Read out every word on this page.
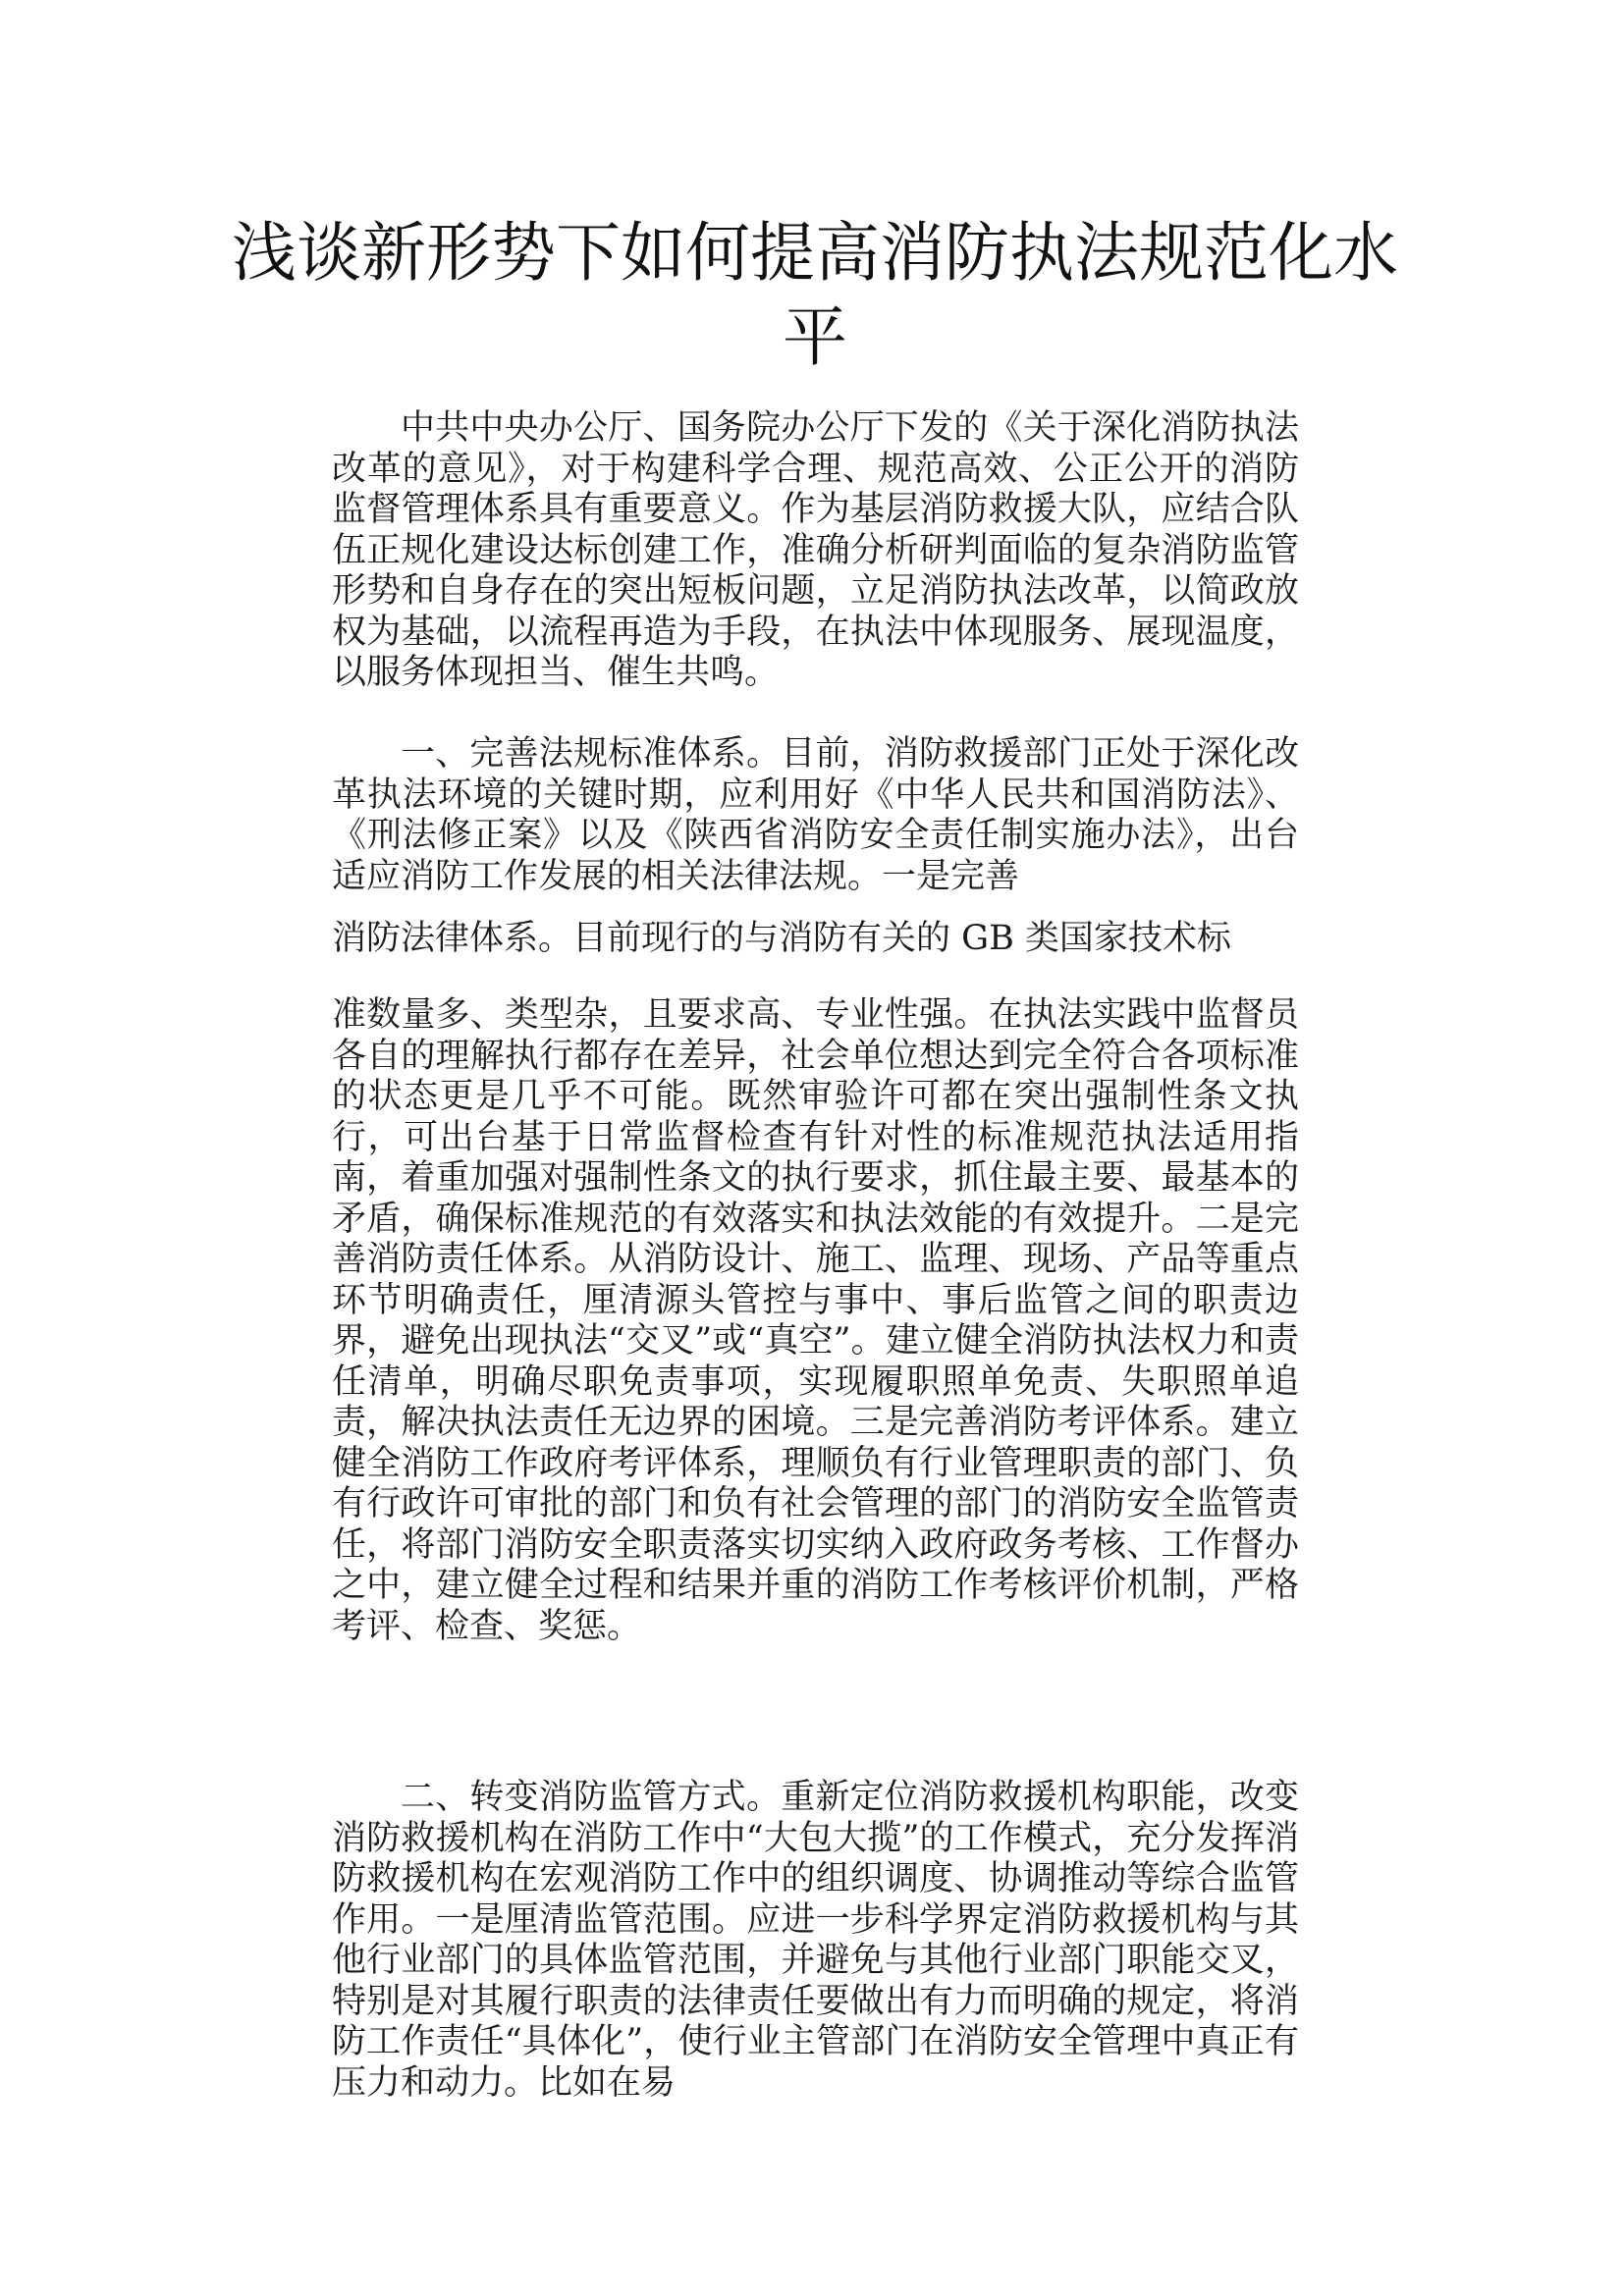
浅谈新形势下如何提高消防执法规范化水平

中共中央办公厅、国务院办公厅下发的《关于深化消防执法改革的意见》，对于构建科学合理、规范高效、公正公开的消防监督管理体系具有重要意义。作为基层消防救援大队，应结合队伍正规化建设达标创建工作，准确分析研判面临的复杂消防监管形势和自身存在的突出短板问题，立足消防执法改革，以简政放权为基础，以流程再造为手段，在执法中体现服务、展现温度，以服务体现担当、催生共鸣。

一、完善法规标准体系。目前，消防救援部门正处于深化改革执法环境的关键时期，应利用好《中华人民共和国消防法》、《刑法修正案》以及《陕西省消防安全责任制实施办法》，出台适应消防工作发展的相关法律法规。一是完善

消防法律体系。目前现行的与消防有关的 GB 类国家技术标

准数量多、类型杂，且要求高、专业性强。在执法实践中监督员各自的理解执行都存在差异，社会单位想达到完全符合各项标准的状态更是几乎不可能。既然审验许可都在突出强制性条文执行，可出台基于日常监督检查有针对性的标准规范执法适用指南，着重加强对强制性条文的执行要求，抓住最主要、最基本的矛盾，确保标准规范的有效落实和执法效能的有效提升。二是完善消防责任体系。从消防设计、施工、监理、现场、产品等重点环节明确责任，厘清源头管控与事中、事后监管之间的职责边界，避免出现执法“交叉”或“真空”。建立健全消防执法权力和责任清单，明确尽职免责事项，实现履职照单免责、失职照单追责，解决执法责任无边界的困境。三是完善消防考评体系。建立健全消防工作政府考评体系，理顺负有行业管理职责的部门、负有行政许可审批的部门和负有社会管理的部门的消防安全监管责任，将部门消防安全职责落实切实纳入政府政务考核、工作督办之中，建立健全过程和结果并重的消防工作考核评价机制，严格考评、检查、奖惩。

二、转变消防监管方式。重新定位消防救援机构职能，改变消防救援机构在消防工作中“大包大揽”的工作模式，充分发挥消防救援机构在宏观消防工作中的组织调度、协调推动等综合监管作用。一是厘清监管范围。应进一步科学界定消防救援机构与其他行业部门的具体监管范围，并避免与其他行业部门职能交叉，特别是对其履行职责的法律责任要做出有力而明确的规定，将消防工作责任“具体化”，使行业主管部门在消防安全管理中真正有压力和动力。比如在易
